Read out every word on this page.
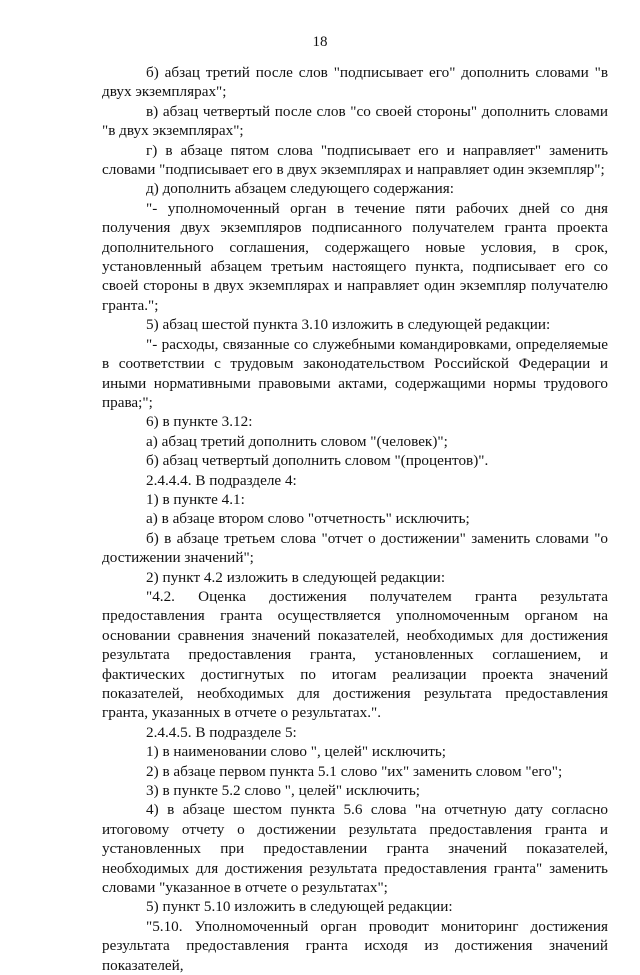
18

б) абзац третий после слов "подписывает его" дополнить словами "в двух экземплярах";

в) абзац четвертый после слов "со своей стороны" дополнить словами "в двух экземплярах";

г) в абзаце пятом слова "подписывает его и направляет" заменить словами "подписывает его в двух экземплярах и направляет один экземпляр";

д) дополнить абзацем следующего содержания:

"- уполномоченный орган в течение пяти рабочих дней со дня получения двух экземпляров подписанного получателем гранта проекта дополнительного соглашения, содержащего новые условия, в срок, установленный абзацем третьим настоящего пункта, подписывает его со своей стороны в двух экземплярах и направляет один экземпляр получателю гранта.";

5) абзац шестой пункта 3.10 изложить в следующей редакции:

"- расходы, связанные со служебными командировками, определяемые в соответствии с трудовым законодательством Российской Федерации и иными нормативными правовыми актами, содержащими нормы трудового права;";

6) в пункте 3.12:

а) абзац третий дополнить словом "(человек)";

б) абзац четвертый дополнить словом "(процентов)".

2.4.4.4. В подразделе 4:

1) в пункте 4.1:

а) в абзаце втором слово "отчетность" исключить;

б) в абзаце третьем слова "отчет о достижении" заменить словами "о достижении значений";

2) пункт 4.2 изложить в следующей редакции:

"4.2. Оценка достижения получателем гранта результата предоставления гранта осуществляется уполномоченным органом на основании сравнения значений показателей, необходимых для достижения результата предоставления гранта, установленных соглашением, и фактических достигнутых по итогам реализации проекта значений показателей, необходимых для достижения результата предоставления гранта, указанных в отчете о результатах.".

2.4.4.5. В подразделе 5:

1) в наименовании слово ", целей" исключить;

2) в абзаце первом пункта 5.1 слово "их" заменить словом "его";

3) в пункте 5.2 слово ", целей" исключить;

4) в абзаце шестом пункта 5.6 слова "на отчетную дату согласно итоговому отчету о достижении результата предоставления гранта и установленных при предоставлении гранта значений показателей, необходимых для достижения результата предоставления гранта" заменить словами "указанное в отчете о результатах";

5) пункт 5.10 изложить в следующей редакции:

"5.10. Уполномоченный орган проводит мониторинг достижения результата предоставления гранта исходя из достижения значений показателей,
